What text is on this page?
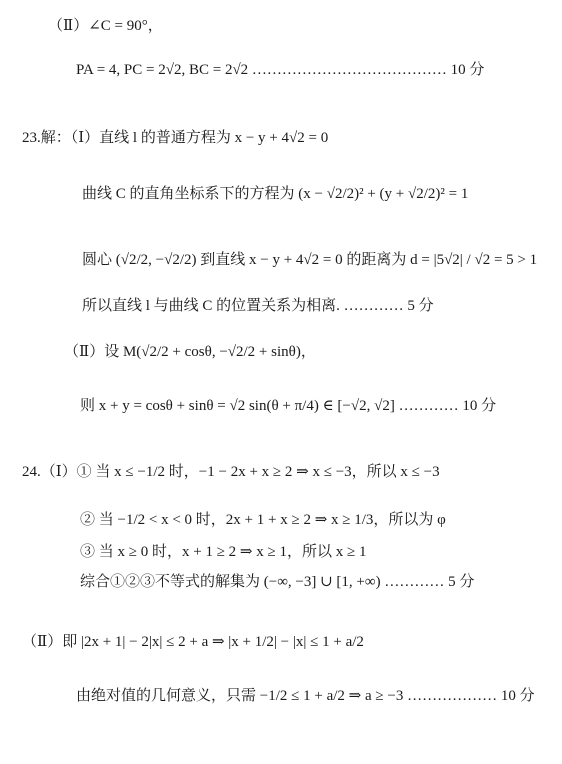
（Ⅱ）∠C = 90°，
PA = 4, PC = 2√2, BC = 2√2 ………………………………… 10 分
23.解：（Ⅰ）直线 l 的普通方程为 x − y + 4√2 = 0
曲线 C 的直角坐标系下的方程为 (x − √2/2)² + (y + √2/2)² = 1
圆心 (√2/2, −√2/2) 到直线 x − y + 4√2 = 0 的距离为 d = |5√2| / √2 = 5 > 1
所以直线 l 与曲线 C 的位置关系为相离. ………… 5 分
（Ⅱ）设 M(√2/2 + cosθ, −√2/2 + sinθ)，
则 x + y = cosθ + sinθ = √2 sin(θ + π/4) ∈ [−√2, √2] ………… 10 分
24.（Ⅰ）① 当 x ≤ −1/2 时，−1 − 2x + x ≥ 2 ⇒ x ≤ −3，所以 x ≤ −3
② 当 −1/2 < x < 0 时，2x + 1 + x ≥ 2 ⇒ x ≥ 1/3，所以为 φ
③ 当 x ≥ 0 时，x + 1 ≥ 2 ⇒ x ≥ 1，所以 x ≥ 1
综合①②③不等式的解集为 (−∞, −3] ∪ [1, +∞) ………… 5 分
（Ⅱ）即 |2x + 1| − 2|x| ≤ 2 + a ⇒ |x + 1/2| − |x| ≤ 1 + a/2
由绝对值的几何意义，只需 −1/2 ≤ 1 + a/2 ⇒ a ≥ −3 ……………… 10 分
